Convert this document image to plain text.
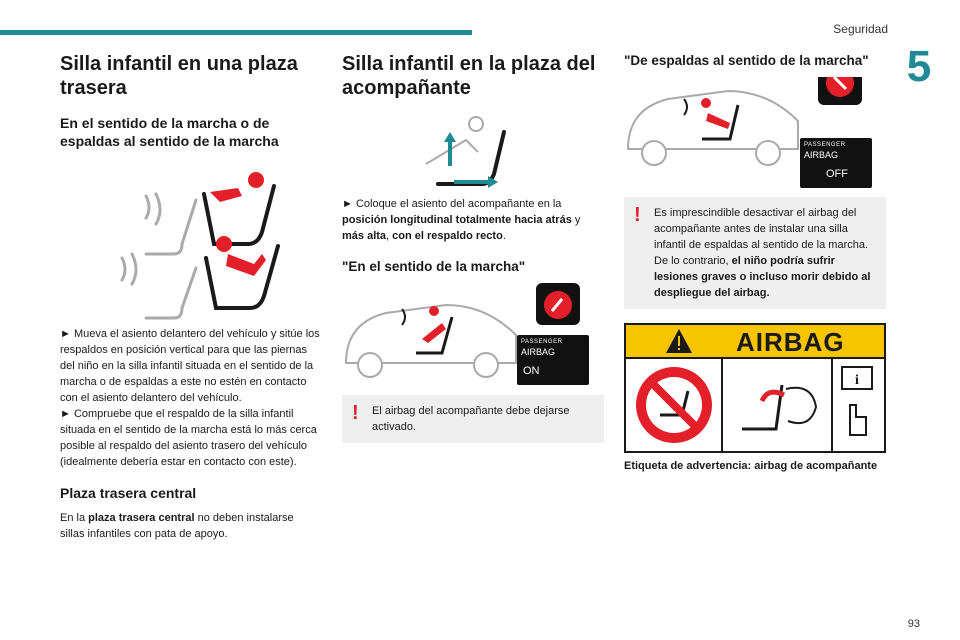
Seguridad
5
Silla infantil en una plaza trasera
En el sentido de la marcha o de espaldas al sentido de la marcha

► Mueva el asiento delantero del vehículo y sitúe los respaldos en posición vertical para que las piernas del niño en la silla infantil situada en el sentido de la marcha o de espaldas a este no estén en contacto con el asiento delantero del vehículo.

► Compruebe que el respaldo de la silla infantil situada en el sentido de la marcha está lo más cerca posible al respaldo del asiento trasero del vehículo (idealmente debería estar en contacto con este).

Plaza trasera central

En la plaza trasera central no deben instalarse sillas infantiles con pata de apoyo.

Silla infantil en la plaza del acompañante

► Coloque el asiento del acompañante en la posición longitudinal totalmente hacia atrás y más alta, con el respaldo recto.

"En el sentido de la marcha"
PASSENGER
AIRBAG
ON
! El airbag del acompañante debe dejarse activado.
"De espaldas al sentido de la marcha"
PASSENGER
AIRBAG
OFF
! Es imprescindible desactivar el airbag del acompañante antes de instalar una silla infantil de espaldas al sentido de la marcha. De lo contrario, el niño podría sufrir lesiones graves o incluso morir debido al despliegue del airbag.
AIRBAG
i
Etiqueta de advertencia: airbag de acompañante
93
